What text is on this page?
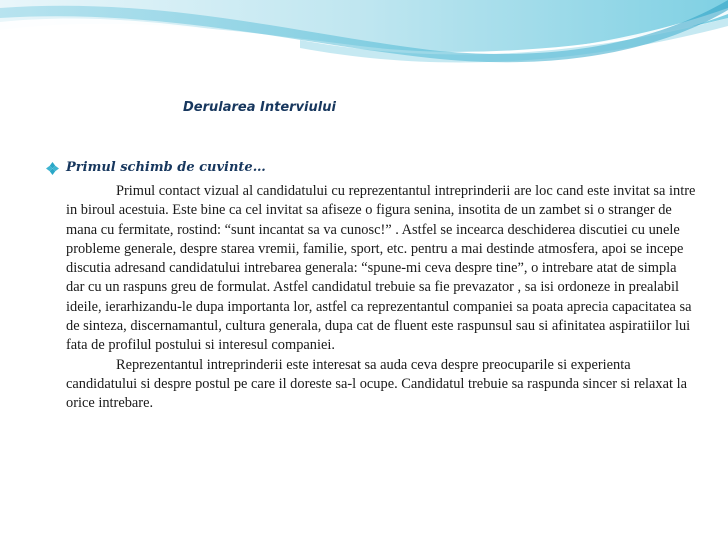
Derularea Interviului
Primul schimb de cuvinte…

Primul contact vizual al candidatului cu reprezentantul intreprinderii are loc cand este invitat sa intre in biroul acestuia. Este bine ca cel invitat sa afiseze o figura senina, insotita de un zambet si o stranger de mana cu fermitate, rostind: “sunt incantat sa va cunosc!” . Astfel se incearca deschiderea discutiei cu unele probleme generale, despre starea vremii, familie, sport, etc. pentru a mai destinde atmosfera, apoi se incepe discutia adresand candidatului intrebarea generala: “spune-mi ceva despre tine”, o intrebare atat de simpla dar cu un raspuns greu de formulat. Astfel candidatul trebuie sa fie prevazator , sa isi ordoneze in prealabil ideile, ierarhizandu-le dupa importanta lor, astfel ca reprezentantul companiei sa poata aprecia capacitatea sa de sinteza, discernamantul, cultura generala, dupa cat de fluent este raspunsul sau si afinitatea aspiratiilor lui fata de profilul postului si interesul companiei.

Reprezentantul intreprinderii este interesat sa auda ceva despre preocuparile si experienta candidatului si despre postul pe care il doreste sa-l ocupe. Candidatul trebuie sa raspunda sincer si relaxat la orice intrebare.
